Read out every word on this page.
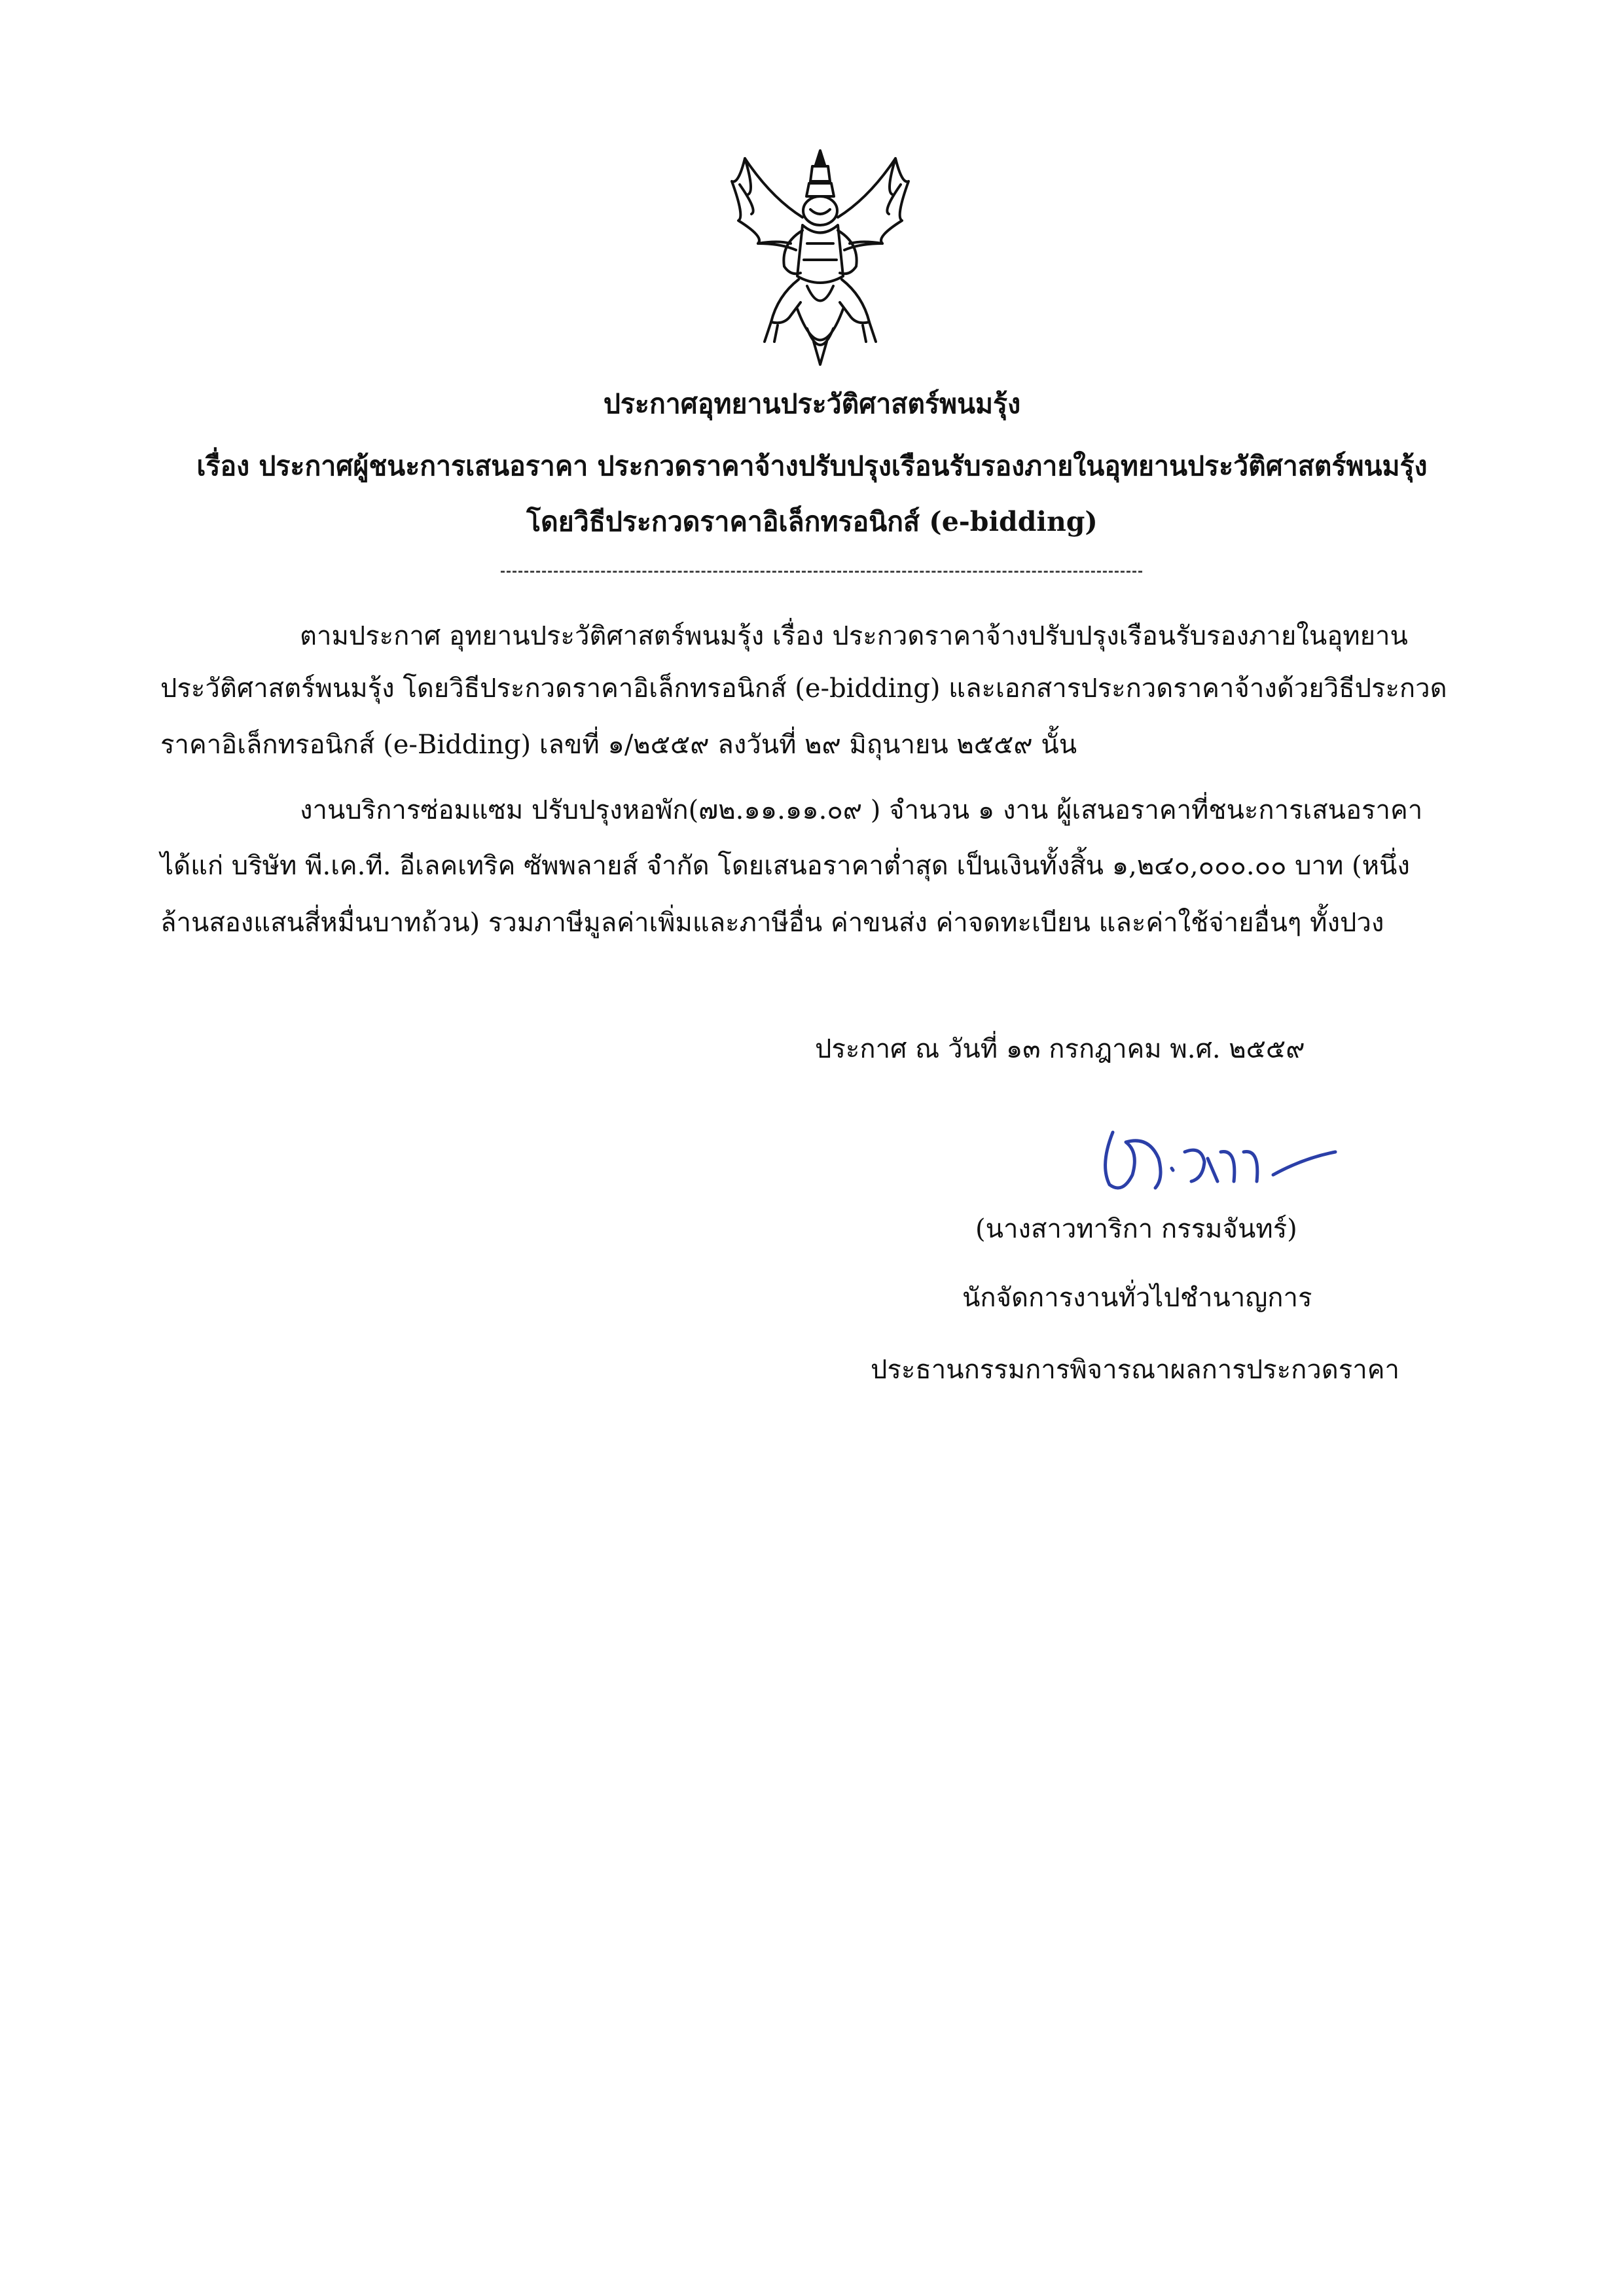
ประกาศอุทยานประวัติศาสตร์พนมรุ้ง
เรื่อง ประกาศผู้ชนะการเสนอราคา ประกวดราคาจ้างปรับปรุงเรือนรับรองภายในอุทยานประวัติศาสตร์พนมรุ้ง
โดยวิธีประกวดราคาอิเล็กทรอนิกส์ (e-bidding)
ตามประกาศ อุทยานประวัติศาสตร์พนมรุ้ง เรื่อง ประกวดราคาจ้างปรับปรุงเรือนรับรองภายในอุทยาน
ประวัติศาสตร์พนมรุ้ง โดยวิธีประกวดราคาอิเล็กทรอนิกส์ (e-bidding) และเอกสารประกวดราคาจ้างด้วยวิธีประกวด
ราคาอิเล็กทรอนิกส์ (e-Bidding) เลขที่ ๑/๒๕๕๙ ลงวันที่ ๒๙ มิถุนายน ๒๕๕๙ นั้น
งานบริการซ่อมแซม ปรับปรุงหอพัก(๗๒.๑๑.๑๑.๐๙ ) จำนวน ๑ งาน ผู้เสนอราคาที่ชนะการเสนอราคา
ได้แก่ บริษัท พี.เค.ที. อีเลคเทริค ซัพพลายส์ จำกัด โดยเสนอราคาต่ำสุด เป็นเงินทั้งสิ้น ๑,๒๔๐,๐๐๐.๐๐ บาท (หนึ่ง
ล้านสองแสนสี่หมื่นบาทถ้วน) รวมภาษีมูลค่าเพิ่มและภาษีอื่น ค่าขนส่ง ค่าจดทะเบียน และค่าใช้จ่ายอื่นๆ ทั้งปวง
ประกาศ ณ วันที่ ๑๓ กรกฎาคม พ.ศ. ๒๕๕๙
(นางสาวทาริกา กรรมจันทร์)
นักจัดการงานทั่วไปชำนาญการ
ประธานกรรมการพิจารณาผลการประกวดราคา
